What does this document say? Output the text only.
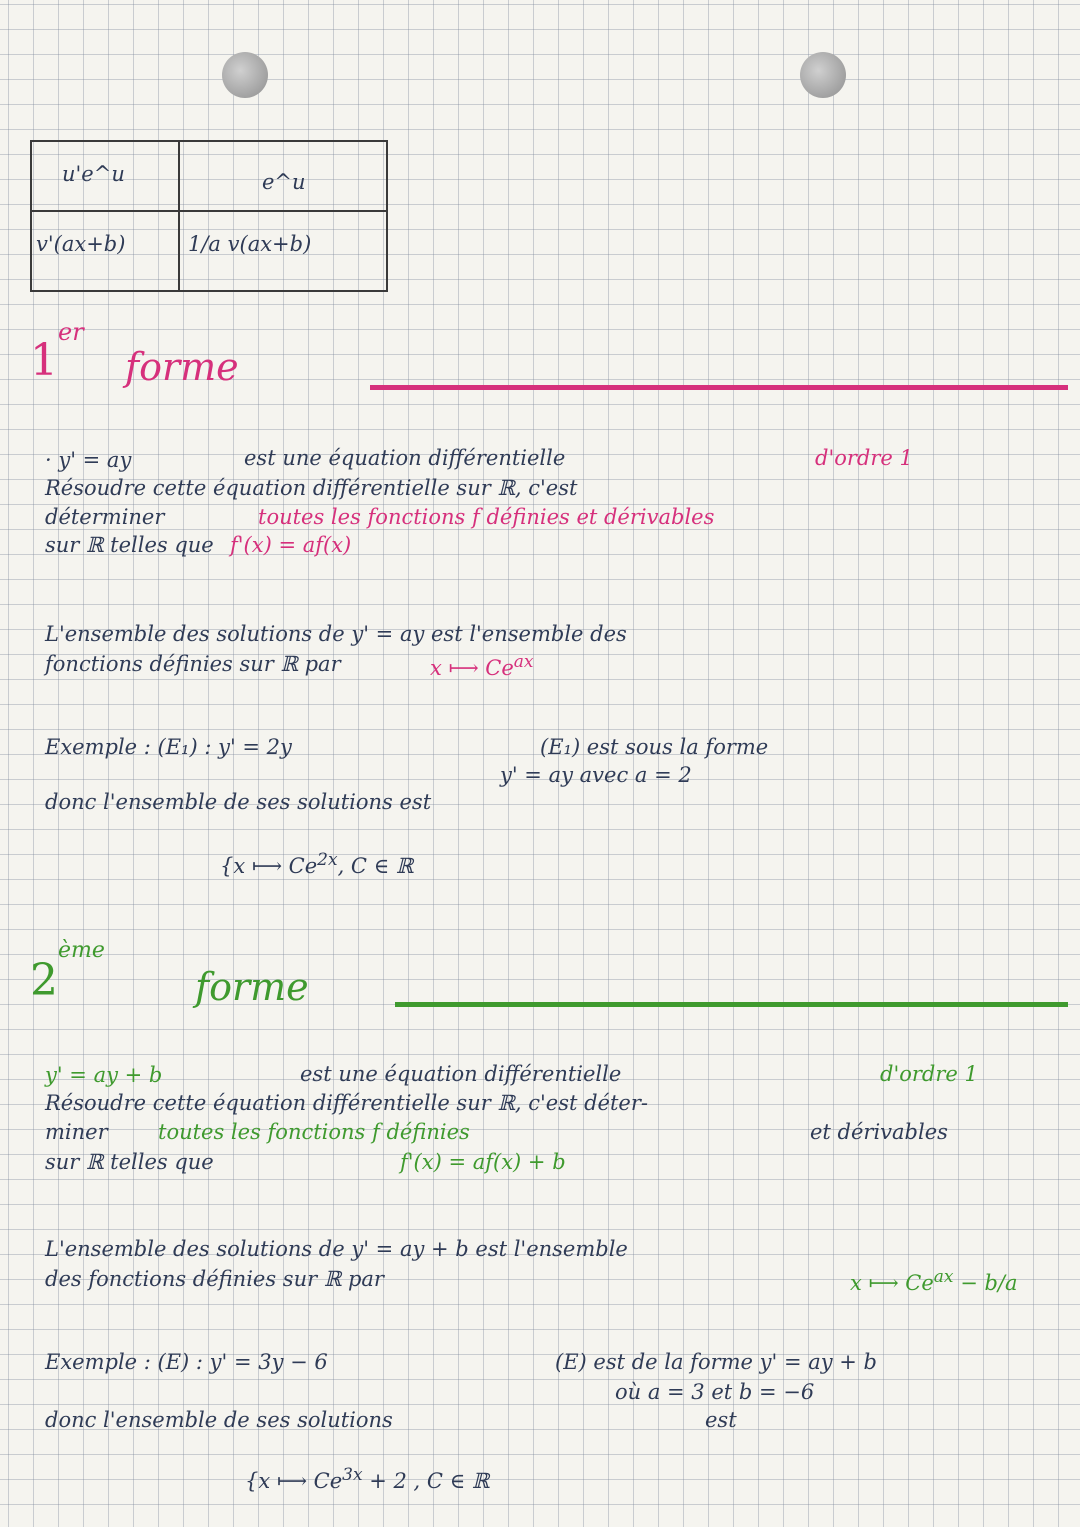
u'e^u	e^u
v'(ax+b)	1/a v(ax+b)
1
er
forme
· y' = ay	est une équation différentielle	d'ordre 1
Résoudre cette équation différentielle sur ℝ, c'est
déterminer	toutes les fonctions f définies et dérivables
sur ℝ telles que f'(x) = af(x)
L'ensemble des solutions de y' = ay est l'ensemble des
fonctions définies sur ℝ par	x ⟼ $Ce^{ax}$
Exemple : (E₁) : y' = 2y	(E₁) est sous la forme
y' = ay avec a = 2
donc l'ensemble de ses solutions est
{x ⟼ $Ce^{2x}$, C ∈ ℝ
2
ème
forme
y' = ay + b	est une équation différentielle	d'ordre 1
Résoudre cette équation différentielle sur ℝ, c'est déter-
miner toutes les fonctions f définies	et dérivables
sur ℝ telles que	f'(x) = af(x) + b
L'ensemble des solutions de y' = ay + b est l'ensemble
des fonctions définies sur ℝ par	x ⟼ $Ce^{ax} - b/a$
Exemple : (E) : y' = 3y − 6	(E) est de la forme y' = ay + b
où a = 3 et b = −6
donc l'ensemble de ses solutions	est
{x ⟼ $Ce^{3x} + 2$ , C ∈ ℝ
